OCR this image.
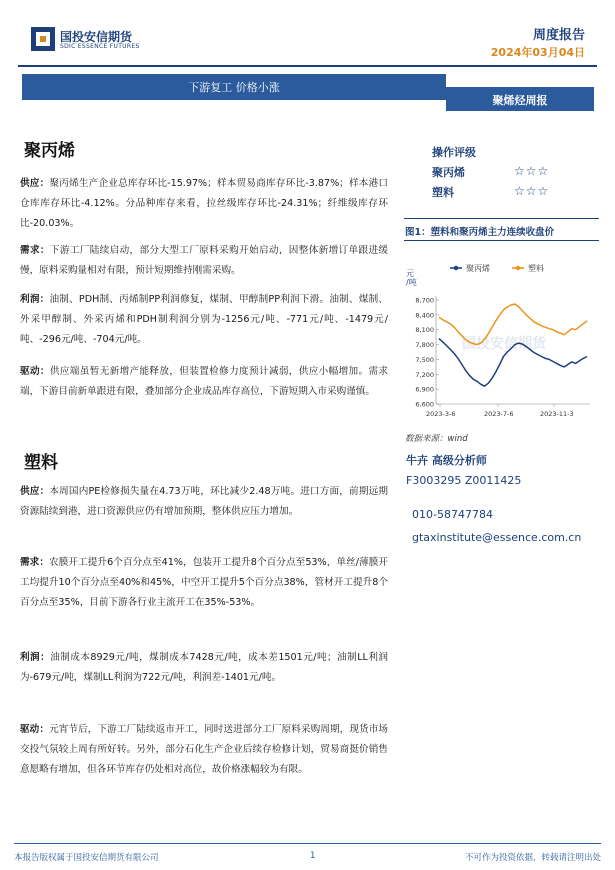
国投安信期货
SDIC ESSENCE FUTURES
周度报告
2024年03月04日
下游复工 价格小涨
聚烯烃周报
聚丙烯
供应：聚丙烯生产企业总库存环比-15.97%；样本贸易商库存环比-3.87%；样本港口仓库库存环比-4.12%。分品种库存来看，拉丝级库存环比-24.31%；纤维级库存环比-20.03%。
需求：下游工厂陆续启动，部分大型工厂原料采购开始启动，因整体新增订单跟进缓慢，原料采购量相对有限，预计短期维持刚需采购。
利润：油制、PDH制、丙烯制PP利润修复，煤制、甲醇制PP利润下滑。油制、煤制、外采甲醇制、外采丙烯和PDH制利润分别为-1256元/吨、-771元/吨、-1479元/吨、-296元/吨、-704元/吨。
驱动：供应端虽暂无新增产能释放，但装置检修力度预计减弱，供应小幅增加。需求端，下游目前新单跟进有限，叠加部分企业成品库存高位，下游短期入市采购谨慎。
塑料
供应：本周国内PE检修损失量在4.73万吨，环比减少2.48万吨。进口方面，前期远期资源陆续到港，进口资源供应仍有增加预期，整体供应压力增加。
需求：农膜开工提升6个百分点至41%，包装开工提升8个百分点至53%，单丝/薄膜开工均提升10个百分点至40%和45%，中空开工提升5个百分点38%，管材开工提升8个百分点至35%，目前下游各行业主流开工在35%-53%。
利润：油制成本8929元/吨，煤制成本7428元/吨，成本差1501元/吨；油制LL利润为-679元/吨，煤制LL利润为722元/吨，利润差-1401元/吨。
驱动：元宵节后，下游工厂陆续返市开工，同时送进部分工厂原料采购周期，现货市场交投气氛较上周有所好转。另外，部分石化生产企业后续存检修计划，贸易商挺价销售意愿略有增加，但各环节库存仍处相对高位，故价格涨幅较为有限。
操作评级
聚丙烯	☆☆☆
塑料	☆☆☆
图1：塑料和聚丙烯主力连续收盘价
聚丙烯	塑料
元
/吨
6,600
6,900
7,200
7,500
7,800
8,100
8,400
8,700
2023-3-6	2023-7-6	2023-11-3
国投安信期货
数据来源：wind
牛卉 高级分析师
F3003295 Z0011425
010-58747784
gtaxinstitute@essence.com.cn
本报告版权属于国投安信期货有限公司	1	不可作为投资依据，转载请注明出处
